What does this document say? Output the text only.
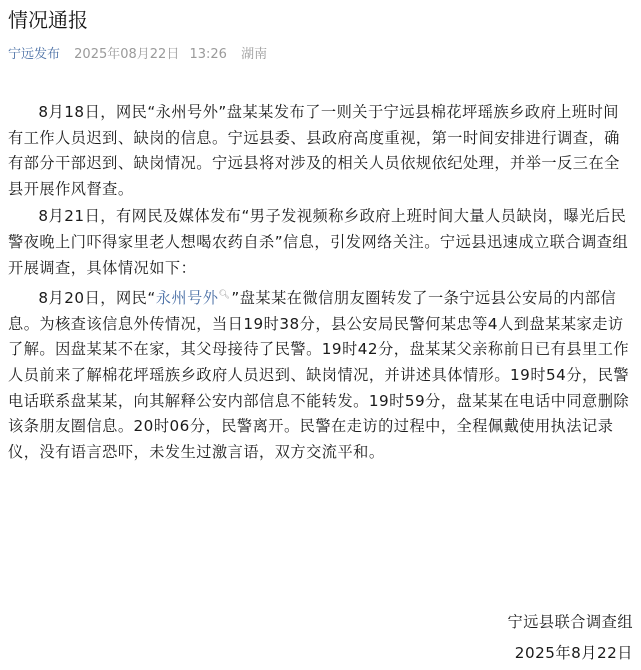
情况通报
宁远发布 2025年08月22日 13:26 湖南

8月18日，网民“永州号外”盘某某发布了一则关于宁远县棉花坪瑶族乡政府上班时间有工作人员迟到、缺岗的信息。宁远县委、县政府高度重视，第一时间安排进行调查，确有部分干部迟到、缺岗情况。宁远县将对涉及的相关人员依规依纪处理，并举一反三在全县开展作风督查。

8月21日，有网民及媒体发布“男子发视频称乡政府上班时间大量人员缺岗，曝光后民警夜晚上门吓得家里老人想喝农药自杀”信息，引发网络关注。宁远县迅速成立联合调查组开展调查，具体情况如下：

8月20日，网民“永州号外🔍︎”盘某某在微信朋友圈转发了一条宁远县公安局的内部信息。为核查该信息外传情况，当日19时38分，县公安局民警何某忠等4人到盘某某家走访了解。因盘某某不在家，其父母接待了民警。19时42分，盘某某父亲称前日已有县里工作人员前来了解棉花坪瑶族乡政府人员迟到、缺岗情况，并讲述具体情形。19时54分，民警电话联系盘某某，向其解释公安内部信息不能转发。19时59分，盘某某在电话中同意删除该条朋友圈信息。20时06分，民警离开。民警在走访的过程中，全程佩戴使用执法记录仪，没有语言恐吓，未发生过激言语，双方交流平和。

宁远县联合调查组
2025年8月22日
